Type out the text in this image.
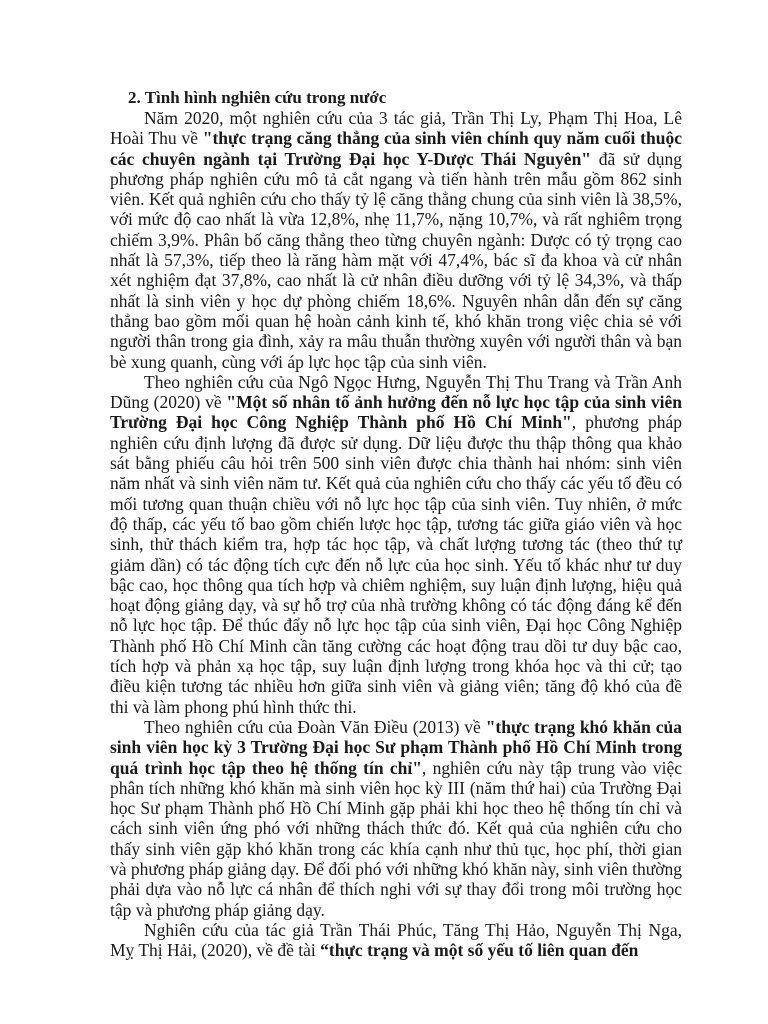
2. Tình hình nghiên cứu trong nước

Năm 2020, một nghiên cứu của 3 tác giả, Trần Thị Ly, Phạm Thị Hoa, Lê Hoài Thu về "thực trạng căng thẳng của sinh viên chính quy năm cuối thuộc các chuyên ngành tại Trường Đại học Y-Dược Thái Nguyên" đã sử dụng phương pháp nghiên cứu mô tả cắt ngang và tiến hành trên mẫu gồm 862 sinh viên. Kết quả nghiên cứu cho thấy tỷ lệ căng thẳng chung của sinh viên là 38,5%, với mức độ cao nhất là vừa 12,8%, nhẹ 11,7%, nặng 10,7%, và rất nghiêm trọng chiếm 3,9%. Phân bố căng thẳng theo từng chuyên ngành: Dược có tỷ trọng cao nhất là 57,3%, tiếp theo là răng hàm mặt với 47,4%, bác sĩ đa khoa và cử nhân xét nghiệm đạt 37,8%, cao nhất là cử nhân điều dưỡng với tỷ lệ 34,3%, và thấp nhất là sinh viên y học dự phòng chiếm 18,6%. Nguyên nhân dẫn đến sự căng thẳng bao gồm mối quan hệ hoàn cảnh kinh tế, khó khăn trong việc chia sẻ với người thân trong gia đình, xảy ra mâu thuẫn thường xuyên với người thân và bạn bè xung quanh, cùng với áp lực học tập của sinh viên.

Theo nghiên cứu của Ngô Ngọc Hưng, Nguyễn Thị Thu Trang và Trần Anh Dũng (2020) về "Một số nhân tố ảnh hưởng đến nỗ lực học tập của sinh viên Trường Đại học Công Nghiệp Thành phố Hồ Chí Minh", phương pháp nghiên cứu định lượng đã được sử dụng. Dữ liệu được thu thập thông qua khảo sát bằng phiếu câu hỏi trên 500 sinh viên được chia thành hai nhóm: sinh viên năm nhất và sinh viên năm tư. Kết quả của nghiên cứu cho thấy các yếu tố đều có mối tương quan thuận chiều với nỗ lực học tập của sinh viên. Tuy nhiên, ở mức độ thấp, các yếu tố bao gồm chiến lược học tập, tương tác giữa giáo viên và học sinh, thử thách kiểm tra, hợp tác học tập, và chất lượng tương tác (theo thứ tự giảm dần) có tác động tích cực đến nỗ lực của học sinh. Yếu tố khác như tư duy bậc cao, học thông qua tích hợp và chiêm nghiệm, suy luận định lượng, hiệu quả hoạt động giảng dạy, và sự hỗ trợ của nhà trường không có tác động đáng kể đến nỗ lực học tập. Để thúc đẩy nỗ lực học tập của sinh viên, Đại học Công Nghiệp Thành phố Hồ Chí Minh cần tăng cường các hoạt động trau dồi tư duy bậc cao, tích hợp và phản xạ học tập, suy luận định lượng trong khóa học và thi cử; tạo điều kiện tương tác nhiều hơn giữa sinh viên và giảng viên; tăng độ khó của đề thi và làm phong phú hình thức thi.

Theo nghiên cứu của Đoàn Văn Điều (2013) về "thực trạng khó khăn của sinh viên học kỳ 3 Trường Đại học Sư phạm Thành phố Hồ Chí Minh trong quá trình học tập theo hệ thống tín chỉ", nghiên cứu này tập trung vào việc phân tích những khó khăn mà sinh viên học kỳ III (năm thứ hai) của Trường Đại học Sư phạm Thành phố Hồ Chí Minh gặp phải khi học theo hệ thống tín chỉ và cách sinh viên ứng phó với những thách thức đó. Kết quả của nghiên cứu cho thấy sinh viên gặp khó khăn trong các khía cạnh như thủ tục, học phí, thời gian và phương pháp giảng dạy. Để đối phó với những khó khăn này, sinh viên thường phải dựa vào nỗ lực cá nhân để thích nghi với sự thay đổi trong môi trường học tập và phương pháp giảng dạy.

Nghiên cứu của tác giả Trần Thái Phúc, Tăng Thị Hảo, Nguyễn Thị Nga, Mỵ Thị Hải, (2020), về đề tài “thực trạng và một số yếu tố liên quan đến
